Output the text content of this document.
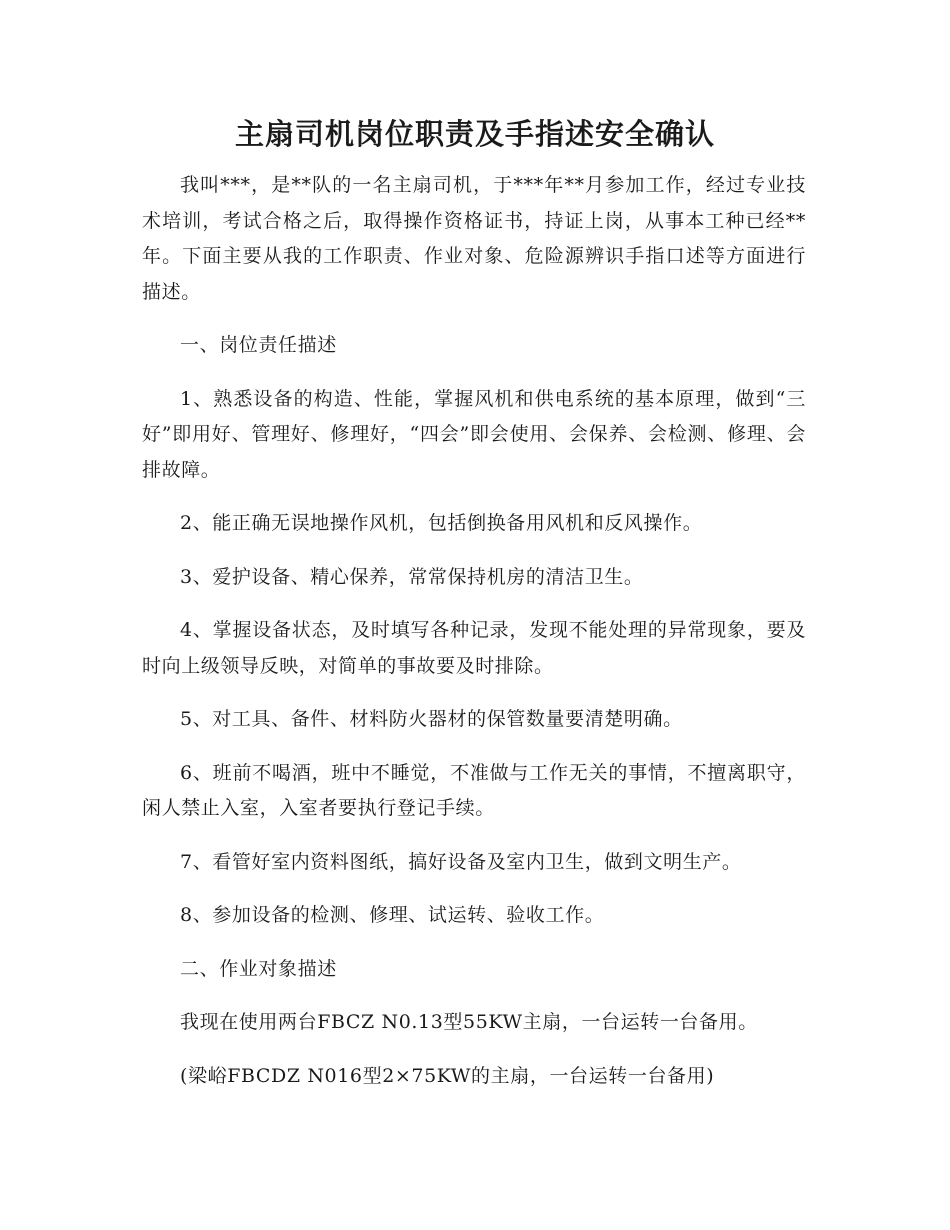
主扇司机岗位职责及手指述安全确认

我叫***，是**队的一名主扇司机，于***年**月参加工作，经过专业技术培训，考试合格之后，取得操作资格证书，持证上岗，从事本工种已经**年。下面主要从我的工作职责、作业对象、危险源辨识手指口述等方面进行描述。

一、岗位责任描述

1、熟悉设备的构造、性能，掌握风机和供电系统的基本原理，做到“三好”即用好、管理好、修理好，“四会”即会使用、会保养、会检测、修理、会排故障。

2、能正确无误地操作风机，包括倒换备用风机和反风操作。

3、爱护设备、精心保养，常常保持机房的清洁卫生。

4、掌握设备状态，及时填写各种记录，发现不能处理的异常现象，要及时向上级领导反映，对简单的事故要及时排除。

5、对工具、备件、材料防火器材的保管数量要清楚明确。

6、班前不喝酒，班中不睡觉，不准做与工作无关的事情，不擅离职守，闲人禁止入室，入室者要执行登记手续。

7、看管好室内资料图纸，搞好设备及室内卫生，做到文明生产。

8、参加设备的检测、修理、试运转、验收工作。

二、作业对象描述

我现在使用两台FBCZ N0.13型55KW主扇，一台运转一台备用。

(梁峪FBCDZ N016型2×75KW的主扇，一台运转一台备用)
